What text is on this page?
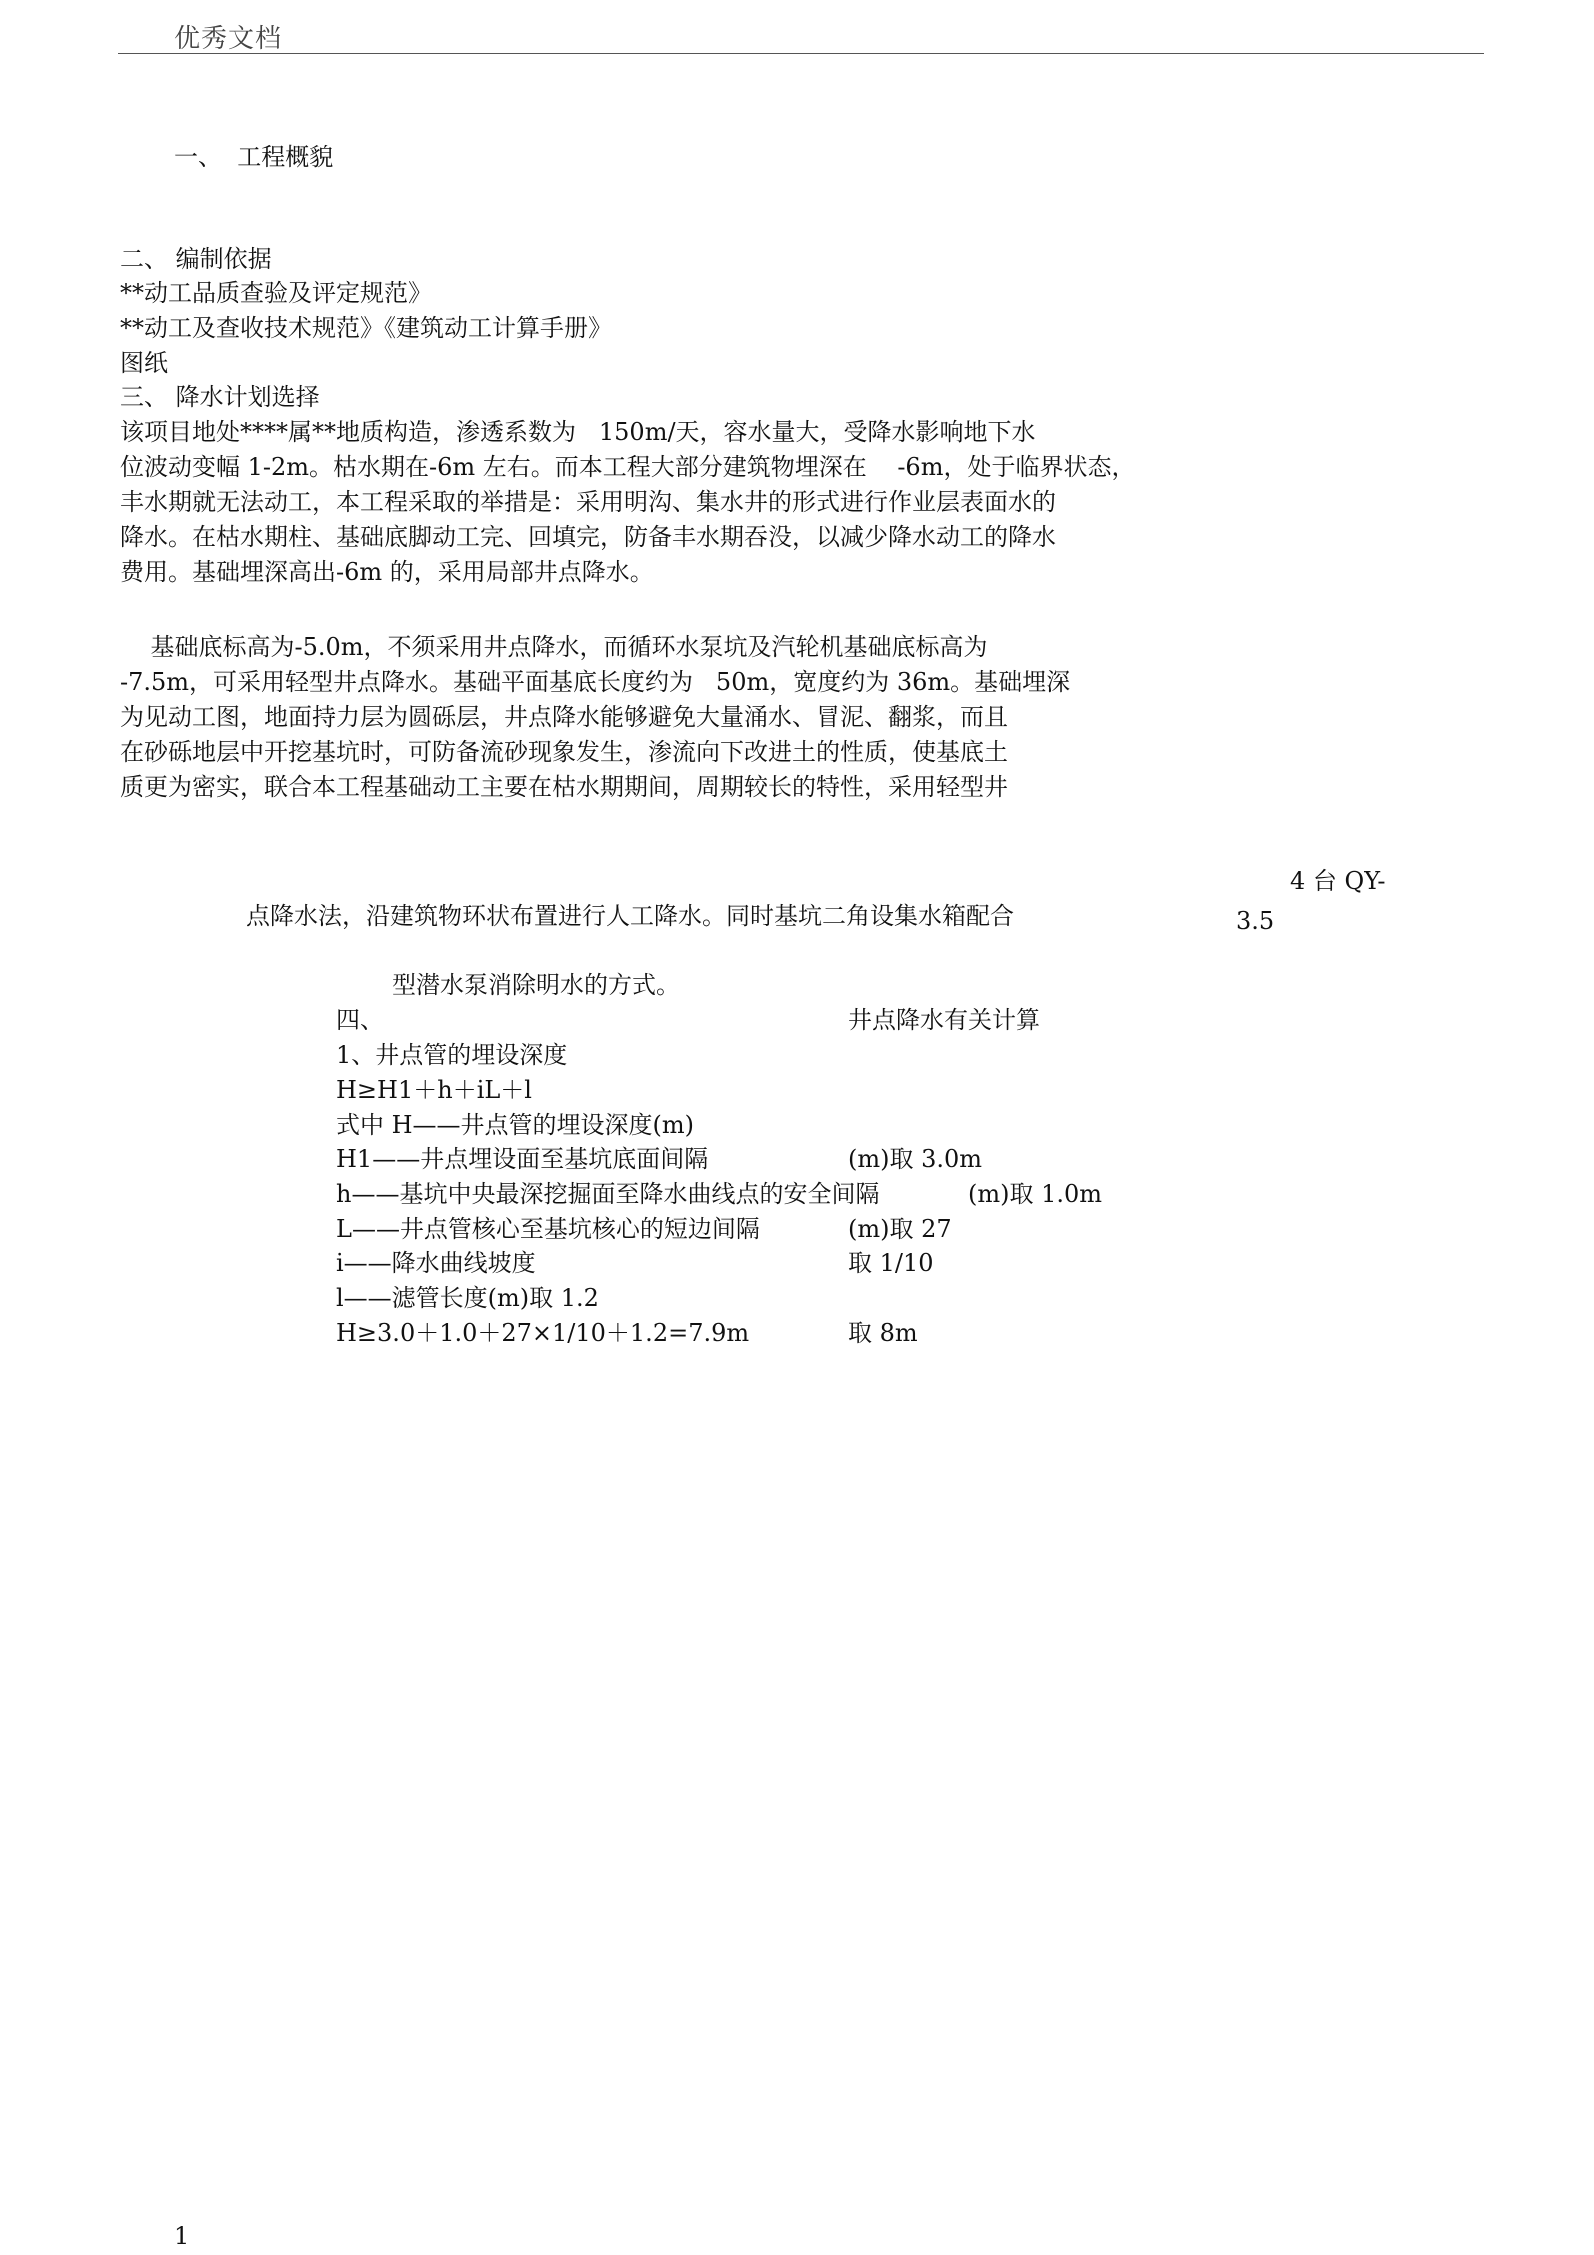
优秀文档
一、  工程概貌
二、 编制依据
**动工品质查验及评定规范》
**动工及查收技术规范》《建筑动工计算手册》
图纸
三、 降水计划选择
该项目地处****属**地质构造，渗透系数为   150m/天，容水量大，受降水影响地下水
位波动变幅 1-2m。枯水期在-6m 左右。而本工程大部分建筑物埋深在    -6m，处于临界状态，
丰水期就无法动工，本工程采取的举措是：采用明沟、集水井的形式进行作业层表面水的
降水。在枯水期柱、基础底脚动工完、回填完，防备丰水期吞没，以减少降水动工的降水
费用。基础埋深高出-6m 的，采用局部井点降水。
基础底标高为-5.0m，不须采用井点降水，而循环水泵坑及汽轮机基础底标高为
-7.5m，可采用轻型井点降水。基础平面基底长度约为   50m，宽度约为 36m。基础埋深
为见动工图，地面持力层为圆砾层，井点降水能够避免大量涌水、冒泥、翻浆，而且
在砂砾地层中开挖基坑时，可防备流砂现象发生，渗流向下改进土的性质，使基底土
质更为密实，联合本工程基础动工主要在枯水期期间，周期较长的特性，采用轻型井
4 台 QY-
点降水法，沿建筑物环状布置进行人工降水。同时基坑二角设集水箱配合	3.5
型潜水泵消除明水的方式。
四、	井点降水有关计算
1、井点管的埋设深度
H≥H1＋h＋iL＋l
式中 H——井点管的埋设深度(m)
H1——井点埋设面至基坑底面间隔	(m)取 3.0m
h——基坑中央最深挖掘面至降水曲线点的安全间隔	(m)取 1.0m
L——井点管核心至基坑核心的短边间隔	(m)取 27
i——降水曲线坡度	取 1/10
l——滤管长度(m)取 1.2
H≥3.0＋1.0＋27×1/10＋1.2=7.9m	取 8m
1
